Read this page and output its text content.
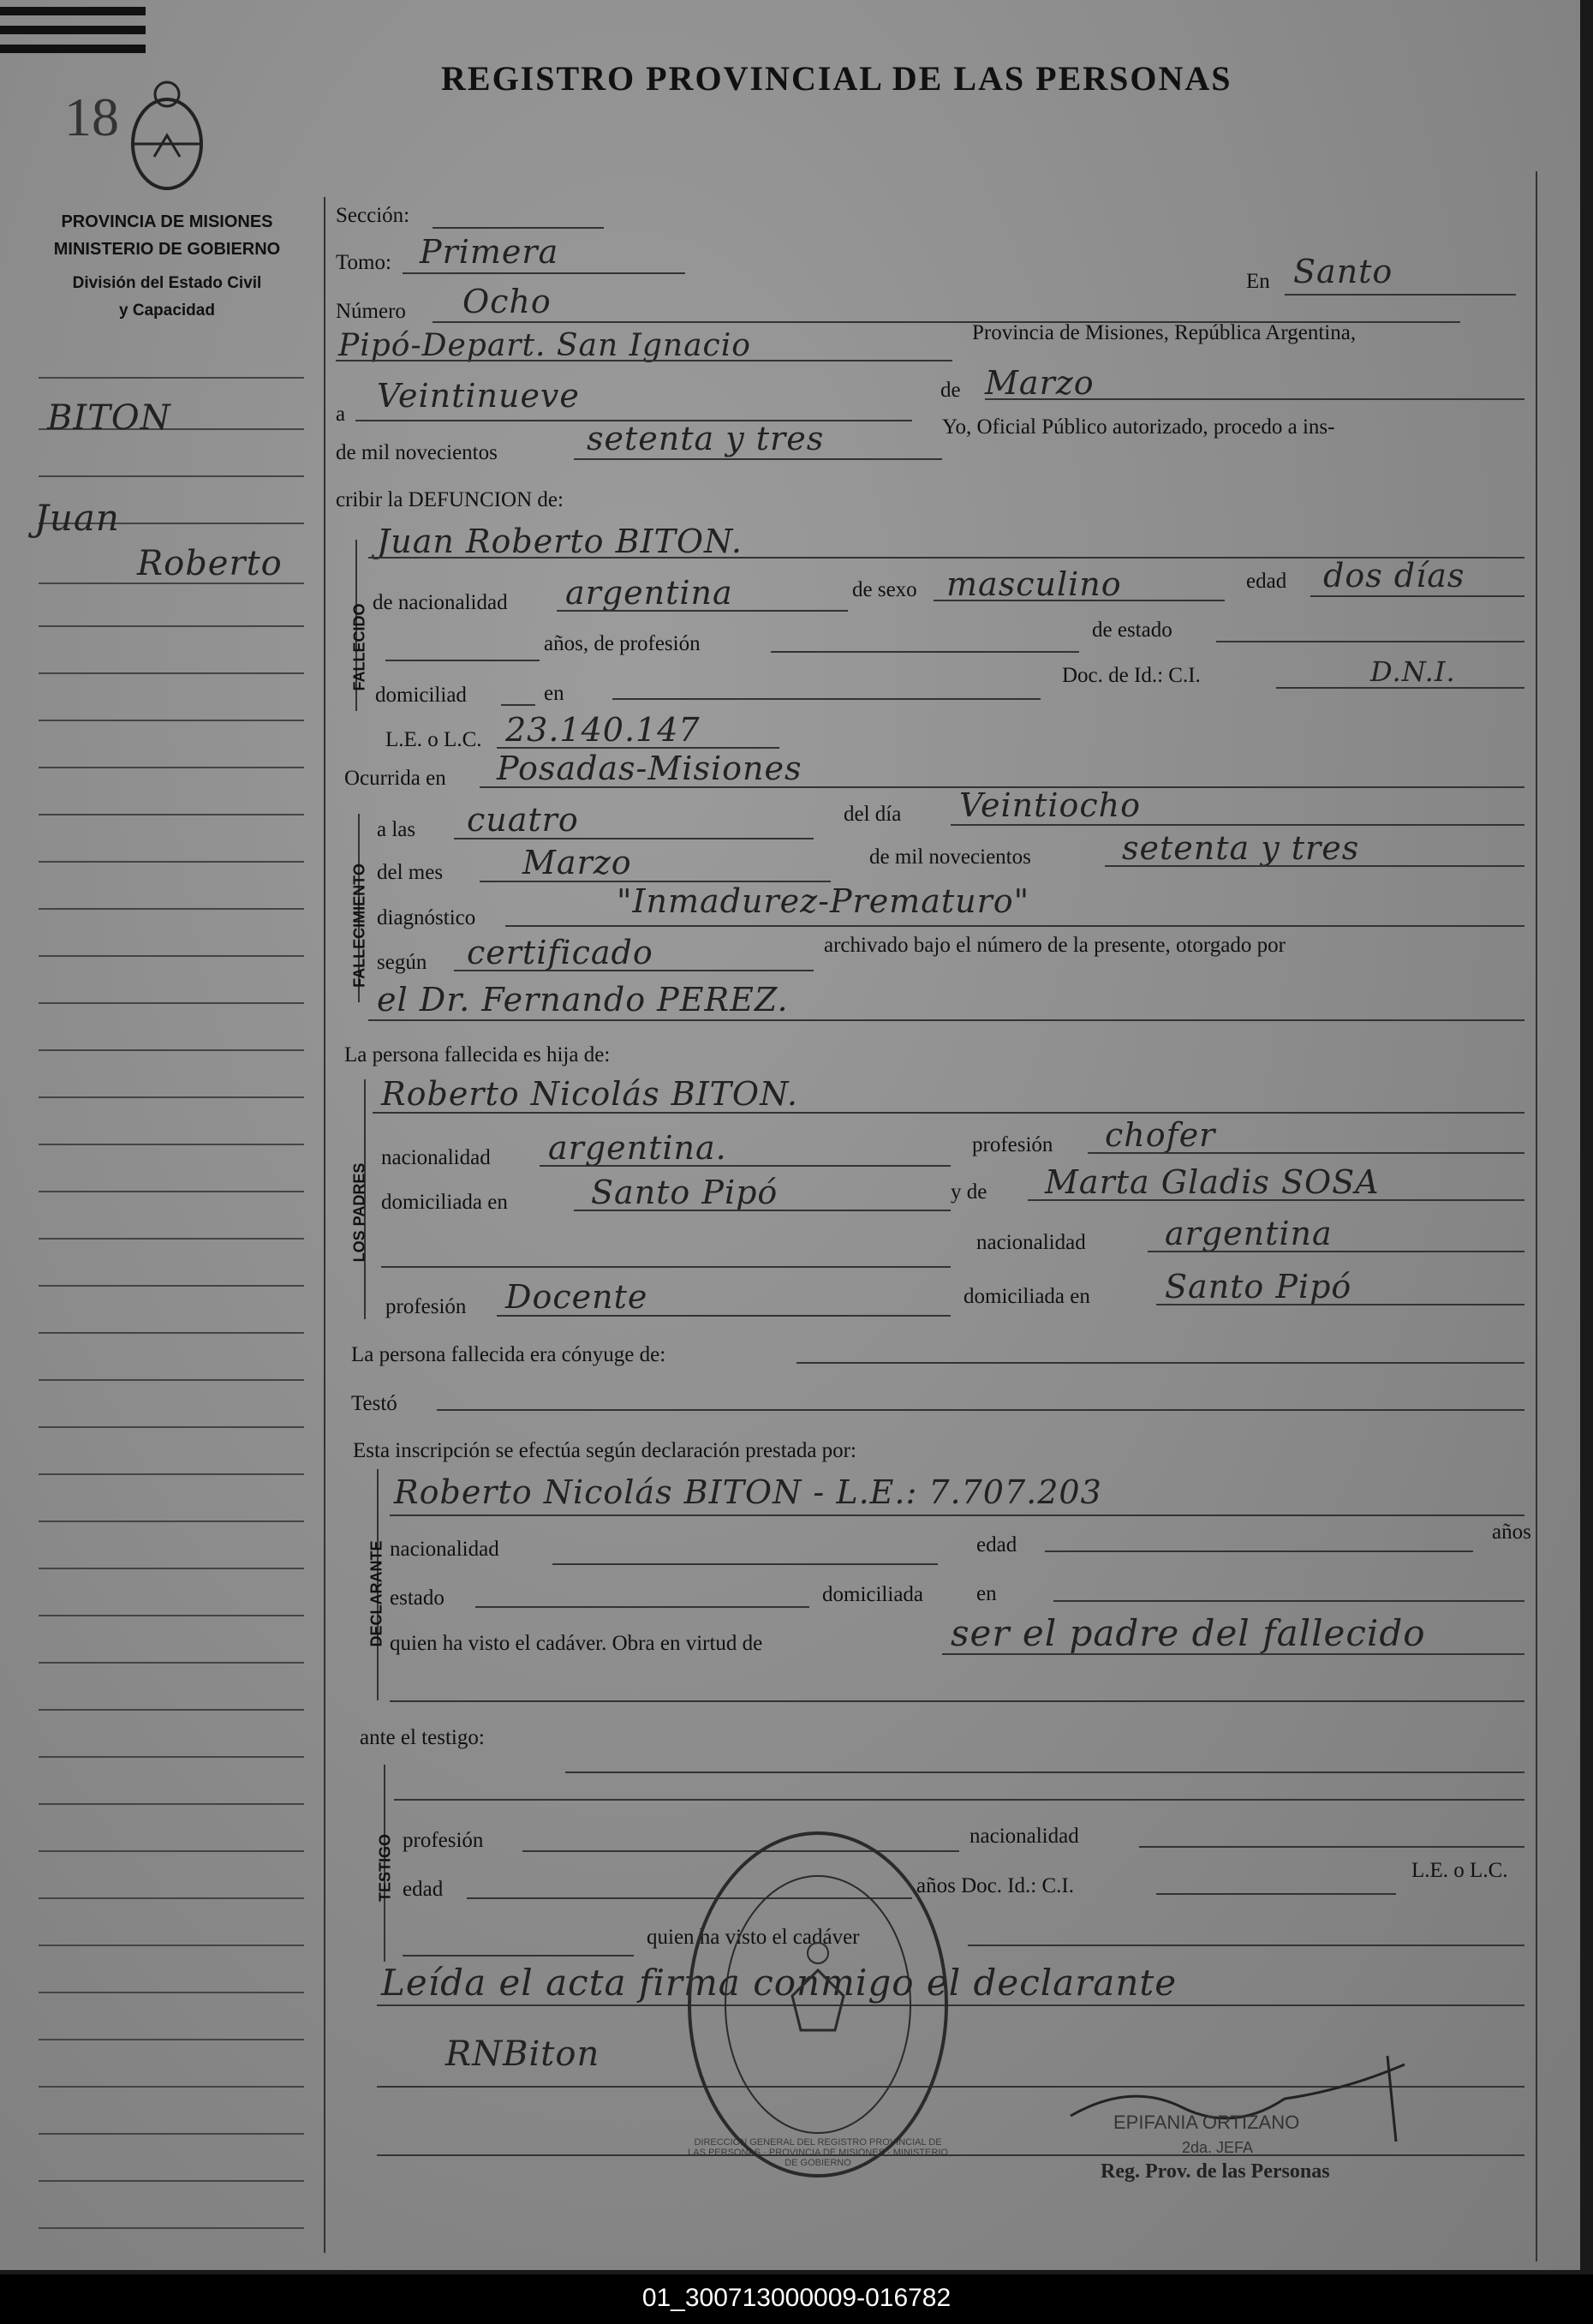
18
REGISTRO PROVINCIAL DE LAS PERSONAS
PROVINCIA DE MISIONES
MINISTERIO DE GOBIERNO
División del Estado Civil
y Capacidad
BITON
Juan
Roberto
Sección:
Tomo: Primera
En Santo
Número Ocho
Pipó-Depart. San Ignacio	Provincia de Misiones, República Argentina,
a Veintinueve	de Marzo
de mil novecientos	setenta y tres	Yo, Oficial Público autorizado, procedo a ins-
cribir la DEFUNCION de:
FALLECIDO
Juan Roberto BITON.
de nacionalidad argentina	de sexo masculino	edad dos días
años, de profesión
de estado
domiciliad	en
Doc. de Id.: C.I.	D.N.I.
L.E. o L.C. 23.140.147
Ocurrida en Posadas-Misiones
FALLECIMIENTO
a las cuatro	del día Veintiocho
del mes Marzo	de mil novecientos	setenta y tres
diagnóstico	"Inmadurez-Prematuro"
según certificado	archivado bajo el número de la presente, otorgado por
el Dr. Fernando PEREZ.
La persona fallecida es hija de:
LOS PADRES
Roberto Nicolás BITON.
nacionalidad argentina.	profesión chofer
domiciliada en	Santo Pipó	y de Marta Gladis SOSA
nacionalidad argentina
profesión Docente	domiciliada en Santo Pipó
La persona fallecida era cónyuge de:
Testó
Esta inscripción se efectúa según declaración prestada por:
DECLARANTE
Roberto Nicolás BITON - L.E.: 7.707.203
nacionalidad	edad
años
estado	domiciliada en
quien ha visto el cadáver. Obra en virtud de	ser el padre del fallecido
ante el testigo:
TESTIGO profesión	nacionalidad
edad	años Doc. Id.: C.I.
L.E. o L.C.
quien ha visto el cadáver
Leída el acta firma conmigo el declarante
RNBiton
DIRECCION GENERAL DEL REGISTRO PROVINCIAL DE LAS PERSONAS · PROVINCIA DE MISIONES · MINISTERIO DE GOBIERNO
EPIFANIA ORTIZANO
2da. JEFA
Reg. Prov. de las Personas
01_300713000009-016782
